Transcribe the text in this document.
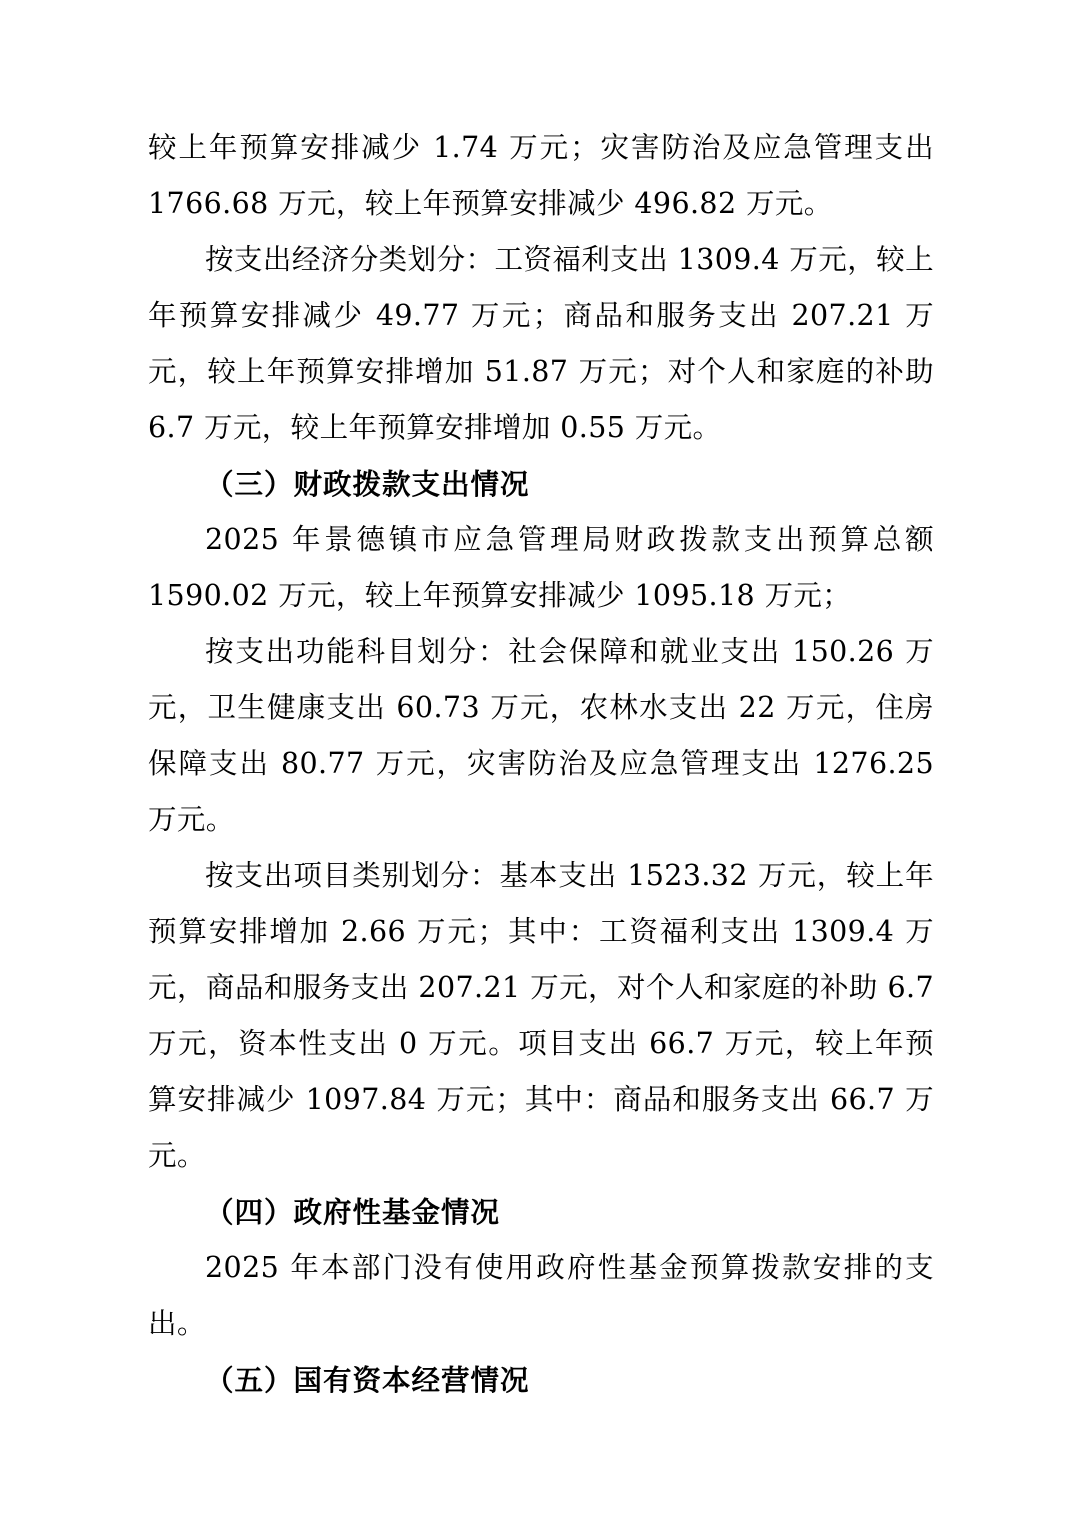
较上年预算安排减少 1.74 万元；灾害防治及应急管理支出 1766.68 万元，较上年预算安排减少 496.82 万元。

按支出经济分类划分：工资福利支出 1309.4 万元，较上年预算安排减少 49.77 万元；商品和服务支出 207.21 万元，较上年预算安排增加 51.87 万元；对个人和家庭的补助 6.7 万元，较上年预算安排增加 0.55 万元。

（三）财政拨款支出情况

2025 年景德镇市应急管理局财政拨款支出预算总额 1590.02 万元，较上年预算安排减少 1095.18 万元；

按支出功能科目划分：社会保障和就业支出 150.26 万元，卫生健康支出 60.73 万元，农林水支出 22 万元，住房保障支出 80.77 万元，灾害防治及应急管理支出 1276.25 万元。

按支出项目类别划分：基本支出 1523.32 万元，较上年预算安排增加 2.66 万元；其中：工资福利支出 1309.4 万元，商品和服务支出 207.21 万元，对个人和家庭的补助 6.7 万元，资本性支出 0 万元。项目支出 66.7 万元，较上年预算安排减少 1097.84 万元；其中：商品和服务支出 66.7 万元。

（四）政府性基金情况

2025 年本部门没有使用政府性基金预算拨款安排的支出。

（五）国有资本经营情况
